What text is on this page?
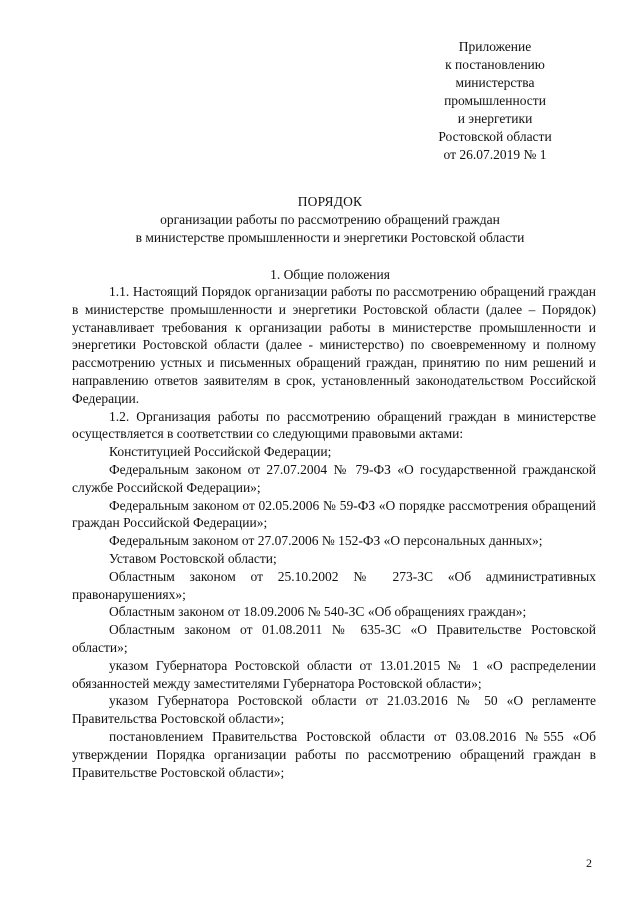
Приложение
к постановлению
министерства
промышленности
и энергетики
Ростовской области
от 26.07.2019 № 1
ПОРЯДОК
организации работы по рассмотрению обращений граждан
в министерстве промышленности и энергетики Ростовской области
1. Общие положения

1.1. Настоящий Порядок организации работы по рассмотрению обращений граждан в министерстве промышленности и энергетики Ростовской области (далее – Порядок) устанавливает требования к организации работы в министерстве промышленности и энергетики Ростовской области (далее - министерство) по своевременному и полному рассмотрению устных и письменных обращений граждан, принятию по ним решений и направлению ответов заявителям в срок, установленный законодательством Российской Федерации.

1.2. Организация работы по рассмотрению обращений граждан в министерстве осуществляется в соответствии со следующими правовыми актами:

Конституцией Российской Федерации;

Федеральным законом от 27.07.2004 № 79-ФЗ «О государственной гражданской службе Российской Федерации»;

Федеральным законом от 02.05.2006 № 59-ФЗ «О порядке рассмотрения обращений граждан Российской Федерации»;

Федеральным законом от 27.07.2006 № 152-ФЗ «О персональных данных»;

Уставом Ростовской области;

Областным законом от 25.10.2002 № 273-ЗС «Об административных правонарушениях»;

Областным законом от 18.09.2006 № 540-ЗС «Об обращениях граждан»;

Областным законом от 01.08.2011 № 635-ЗС «О Правительстве Ростовской области»;

указом Губернатора Ростовской области от 13.01.2015 № 1 «О распределении обязанностей между заместителями Губернатора Ростовской области»;

указом Губернатора Ростовской области от 21.03.2016 № 50 «О регламенте Правительства Ростовской области»;

постановлением Правительства Ростовской области от 03.08.2016 №555 «Об утверждении Порядка организации работы по рассмотрению обращений граждан в Правительстве Ростовской области»;

2
